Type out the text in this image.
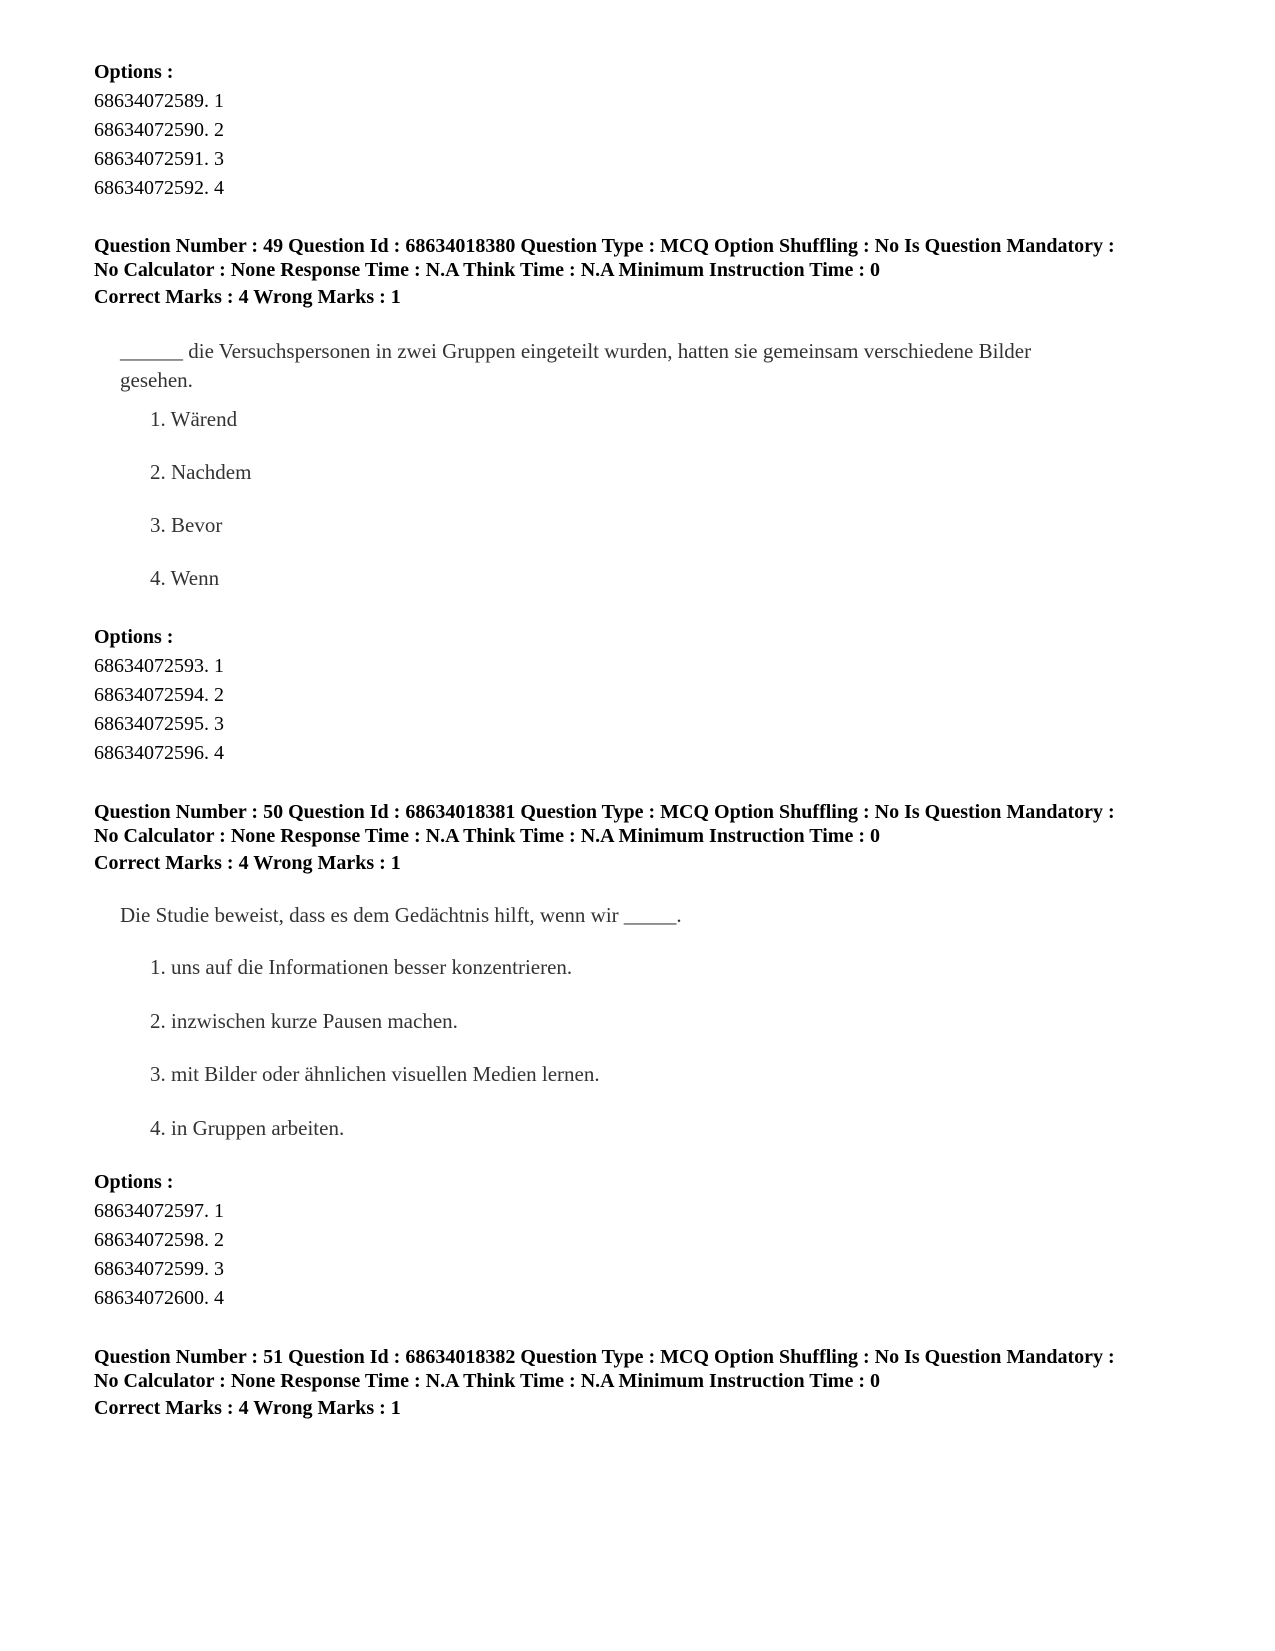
Options :
68634072589. 1
68634072590. 2
68634072591. 3
68634072592. 4
Question Number : 49 Question Id : 68634018380 Question Type : MCQ Option Shuffling : No Is Question Mandatory :
No Calculator : None Response Time : N.A Think Time : N.A Minimum Instruction Time : 0
Correct Marks : 4 Wrong Marks : 1
______ die Versuchspersonen in zwei Gruppen eingeteilt wurden, hatten sie gemeinsam verschiedene Bilder
gesehen.
1. Wärend
2. Nachdem
3. Bevor
4. Wenn
Options :
68634072593. 1
68634072594. 2
68634072595. 3
68634072596. 4
Question Number : 50 Question Id : 68634018381 Question Type : MCQ Option Shuffling : No Is Question Mandatory :
No Calculator : None Response Time : N.A Think Time : N.A Minimum Instruction Time : 0
Correct Marks : 4 Wrong Marks : 1
Die Studie beweist, dass es dem Gedächtnis hilft, wenn wir _____.
1. uns auf die Informationen besser konzentrieren.
2. inzwischen kurze Pausen machen.
3. mit Bilder oder ähnlichen visuellen Medien lernen.
4. in Gruppen arbeiten.
Options :
68634072597. 1
68634072598. 2
68634072599. 3
68634072600. 4
Question Number : 51 Question Id : 68634018382 Question Type : MCQ Option Shuffling : No Is Question Mandatory :
No Calculator : None Response Time : N.A Think Time : N.A Minimum Instruction Time : 0
Correct Marks : 4 Wrong Marks : 1
